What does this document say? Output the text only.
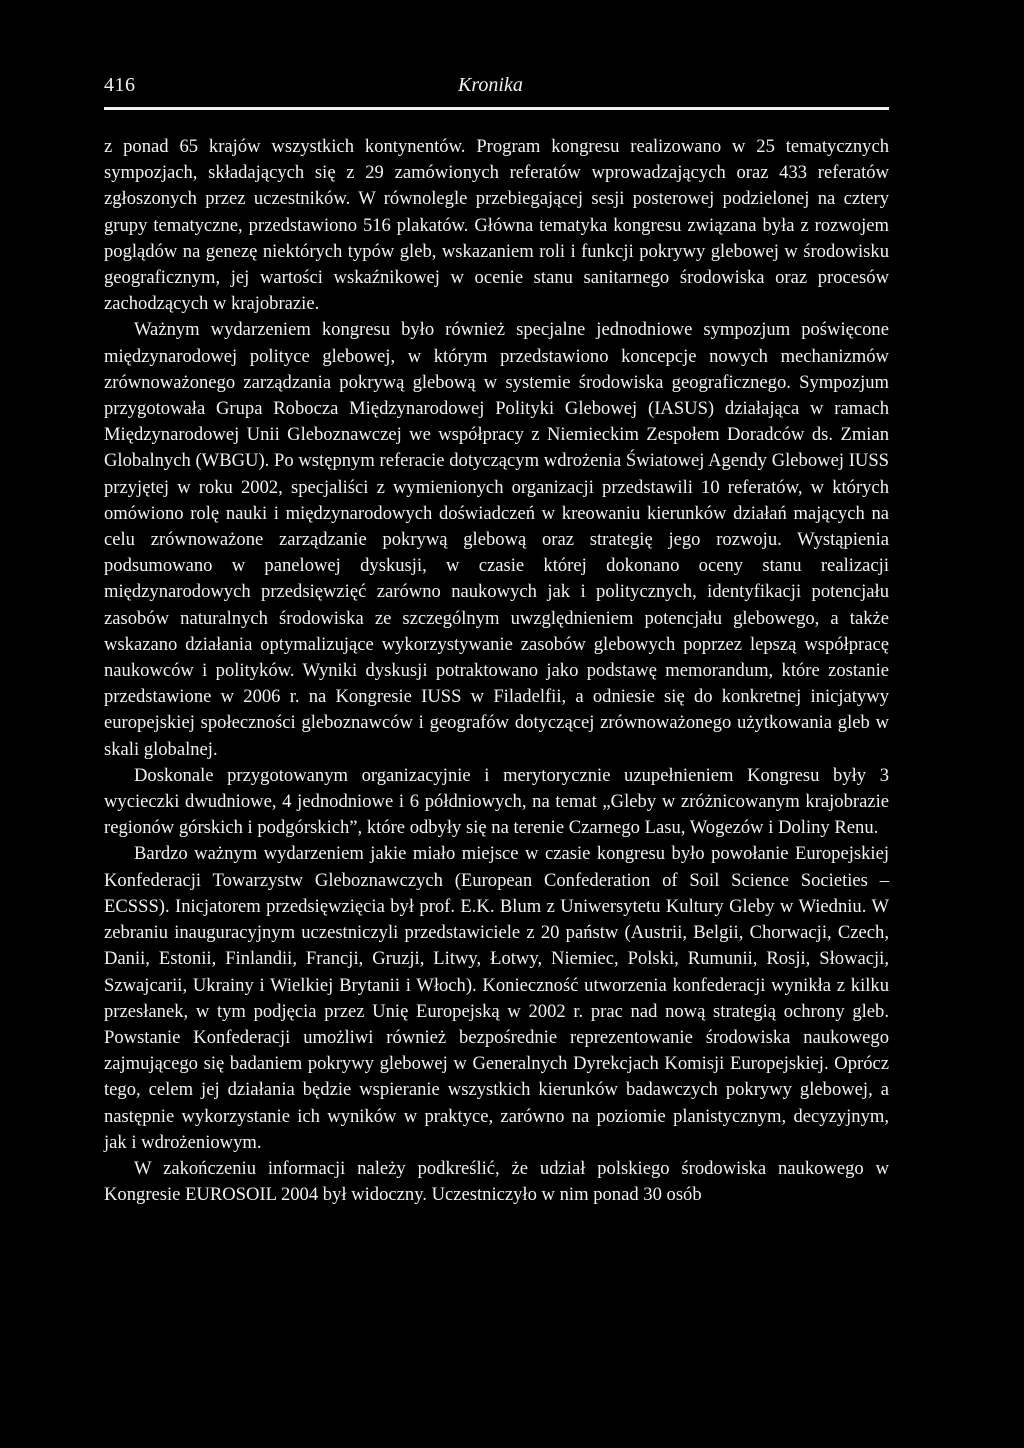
416	Kronika

z ponad 65 krajów wszystkich kontynentów. Program kongresu realizowano w 25 tematycznych sympozjach, składających się z 29 zamówionych referatów wprowadzających oraz 433 referatów zgłoszonych przez uczestników. W równolegle przebiegającej sesji posterowej podzielonej na cztery grupy tematyczne, przedstawiono 516 plakatów. Główna tematyka kongresu związana była z rozwojem poglądów na genezę niektórych typów gleb, wskazaniem roli i funkcji pokrywy glebowej w środowisku geograficznym, jej wartości wskaźnikowej w ocenie stanu sanitarnego środowiska oraz procesów zachodzących w krajobrazie.

Ważnym wydarzeniem kongresu było również specjalne jednodniowe sympozjum poświęcone międzynarodowej polityce glebowej, w którym przedstawiono koncepcje nowych mechanizmów zrównoważonego zarządzania pokrywą glebową w systemie środowiska geograficznego. Sympozjum przygotowała Grupa Robocza Międzynarodowej Polityki Glebowej (IASUS) działająca w ramach Międzynarodowej Unii Gleboznawczej we współpracy z Niemieckim Zespołem Doradców ds. Zmian Globalnych (WBGU). Po wstępnym referacie dotyczącym wdrożenia Światowej Agendy Glebowej IUSS przyjętej w roku 2002, specjaliści z wymienionych organizacji przedstawili 10 referatów, w których omówiono rolę nauki i międzynarodowych doświadczeń w kreowaniu kierunków działań mających na celu zrównoważone zarządzanie pokrywą glebową oraz strategię jego rozwoju. Wystąpienia podsumowano w panelowej dyskusji, w czasie której dokonano oceny stanu realizacji międzynarodowych przedsięwzięć zarówno naukowych jak i politycznych, identyfikacji potencjału zasobów naturalnych środowiska ze szczególnym uwzględnieniem potencjału glebowego, a także wskazano działania optymalizujące wykorzystywanie zasobów glebowych poprzez lepszą współpracę naukowców i polityków. Wyniki dyskusji potraktowano jako podstawę memorandum, które zostanie przedstawione w 2006 r. na Kongresie IUSS w Filadelfii, a odniesie się do konkretnej inicjatywy europejskiej społeczności gleboznawców i geografów dotyczącej zrównoważonego użytkowania gleb w skali globalnej.

Doskonale przygotowanym organizacyjnie i merytorycznie uzupełnieniem Kongresu były 3 wycieczki dwudniowe, 4 jednodniowe i 6 półdniowych, na temat „Gleby w zróżnicowanym krajobrazie regionów górskich i podgórskich”, które odbyły się na terenie Czarnego Lasu, Wogezów i Doliny Renu.

Bardzo ważnym wydarzeniem jakie miało miejsce w czasie kongresu było powołanie Europejskiej Konfederacji Towarzystw Gleboznawczych (European Confederation of Soil Science Societies – ECSSS). Inicjatorem przedsięwzięcia był prof. E.K. Blum z Uniwersytetu Kultury Gleby w Wiedniu. W zebraniu inauguracyjnym uczestniczyli przedstawiciele z 20 państw (Austrii, Belgii, Chorwacji, Czech, Danii, Estonii, Finlandii, Francji, Gruzji, Litwy, Łotwy, Niemiec, Polski, Rumunii, Rosji, Słowacji, Szwajcarii, Ukrainy i Wielkiej Brytanii i Włoch). Konieczność utworzenia konfederacji wynikła z kilku przesłanek, w tym podjęcia przez Unię Europejską w 2002 r. prac nad nową strategią ochrony gleb. Powstanie Konfederacji umożliwi również bezpośrednie reprezentowanie środowiska naukowego zajmującego się badaniem pokrywy glebowej w Generalnych Dyrekcjach Komisji Europejskiej. Oprócz tego, celem jej działania będzie wspieranie wszystkich kierunków badawczych pokrywy glebowej, a następnie wykorzystanie ich wyników w praktyce, zarówno na poziomie planistycznym, decyzyjnym, jak i wdrożeniowym.

W zakończeniu informacji należy podkreślić, że udział polskiego środowiska naukowego w Kongresie EUROSOIL 2004 był widoczny. Uczestniczyło w nim ponad 30 osób
